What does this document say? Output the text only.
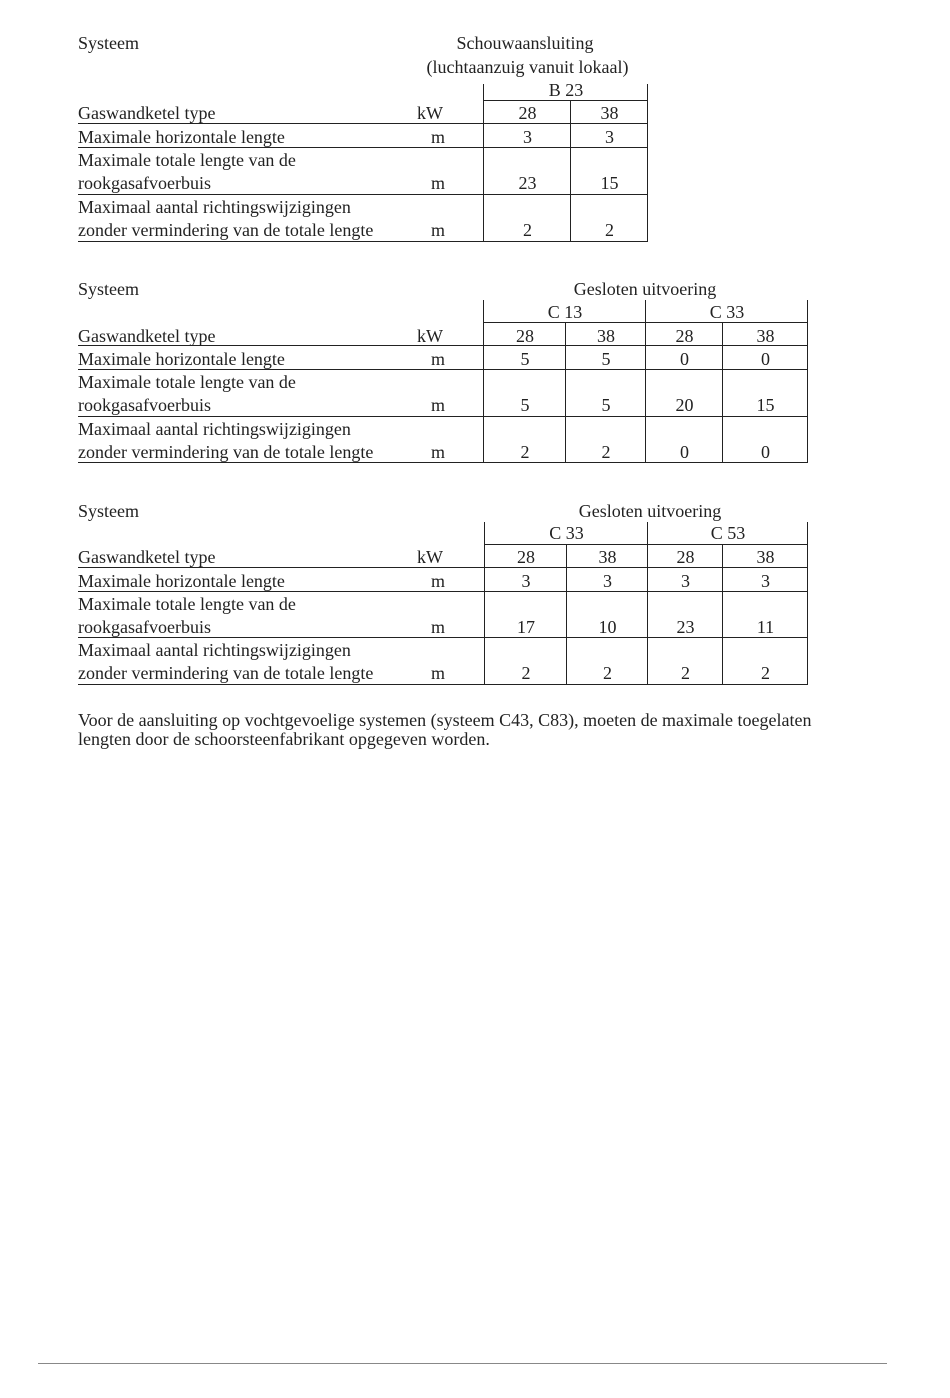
Systeem	Schouwaansluiting
(luchtaanzuig vanuit lokaal)
B 23
Gaswandketel type	kW	28	38
Maximale horizontale lengte	m	3	3
Maximale totale lengte van de
rookgasafvoerbuis	m	23	15
Maximaal aantal richtingswijzigingen
zonder vermindering van de totale lengte	m	2	2
Systeem	Gesloten uitvoering
C 13	C 33
Gaswandketel type	kW	28	38	28	38
Maximale horizontale lengte	m	5	5	0	0
Maximale totale lengte van de
rookgasafvoerbuis	m	5	5	20	15
Maximaal aantal richtingswijzigingen
zonder vermindering van de totale lengte	m	2	2	0	0
Systeem	Gesloten uitvoering
C 33	C 53
Gaswandketel type	kW	28	38	28	38
Maximale horizontale lengte	m	3	3	3	3
Maximale totale lengte van de
rookgasafvoerbuis	m	17	10	23	11
Maximaal aantal richtingswijzigingen
zonder vermindering van de totale lengte	m	2	2	2	2
Voor de aansluiting op vochtgevoelige systemen (systeem C43, C83), moeten de maximale toegelaten lengten door de schoorsteenfabrikant opgegeven worden.
